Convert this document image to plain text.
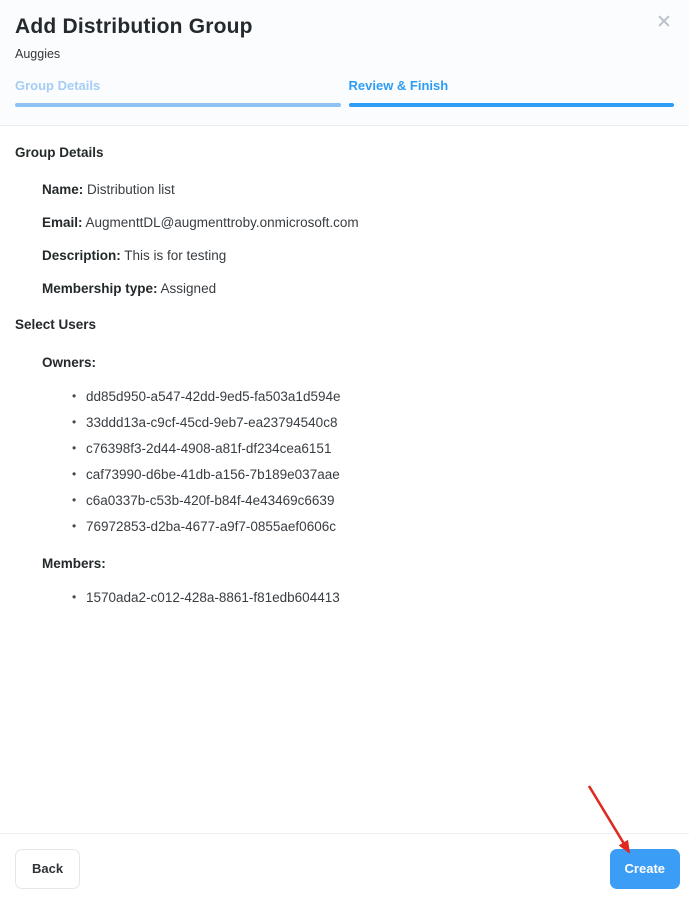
✕
Add Distribution Group
Auggies
Group Details	Review & Finish
Group Details
Name: Distribution list
Email: AugmenttDL@augmenttroby.onmicrosoft.com
Description: This is for testing
Membership type: Assigned
Select Users
Owners:
• dd85d950-a547-42dd-9ed5-fa503a1d594e
• 33ddd13a-c9cf-45cd-9eb7-ea23794540c8
• c76398f3-2d44-4908-a81f-df234cea6151
• caf73990-d6be-41db-a156-7b189e037aae
• c6a0337b-c53b-420f-b84f-4e43469c6639
• 76972853-d2ba-4677-a9f7-0855aef0606c
Members:
• 1570ada2-c012-428a-8861-f81edb604413
Back	Create
